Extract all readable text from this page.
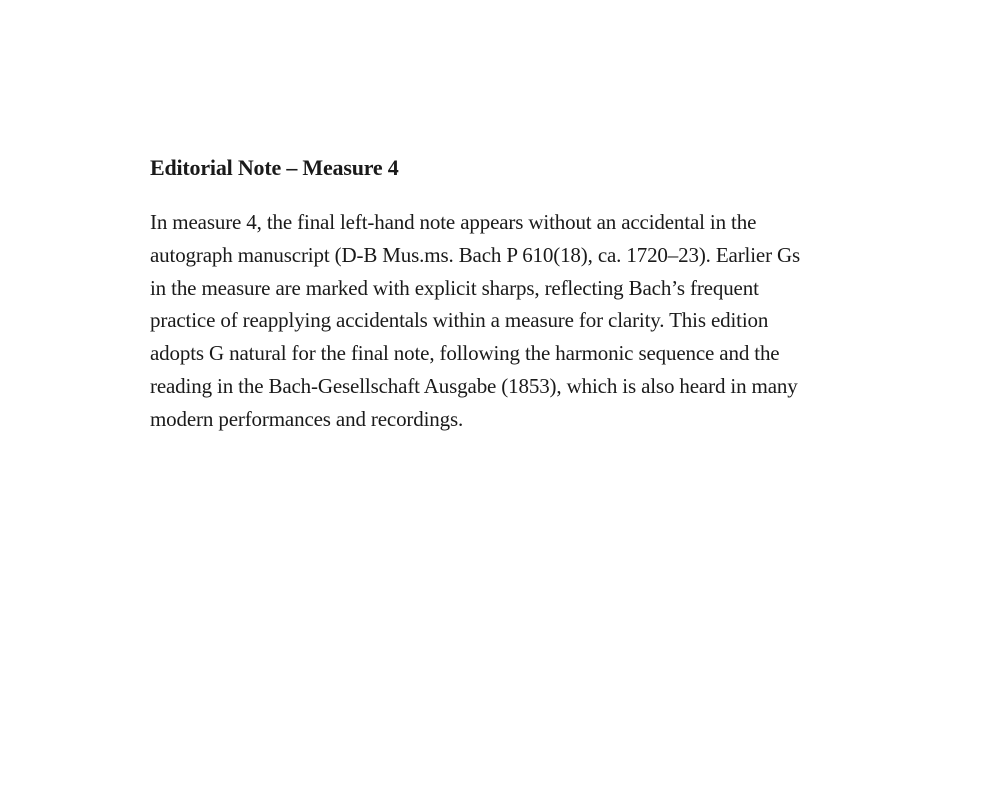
Editorial Note – Measure 4

In measure 4, the final left-hand note appears without an accidental in the
autograph manuscript (D-B Mus.ms. Bach P 610(18), ca. 1720–23). Earlier Gs
in the measure are marked with explicit sharps, reflecting Bach’s frequent
practice of reapplying accidentals within a measure for clarity. This edition
adopts G natural for the final note, following the harmonic sequence and the
reading in the Bach-Gesellschaft Ausgabe (1853), which is also heard in many
modern performances and recordings.
